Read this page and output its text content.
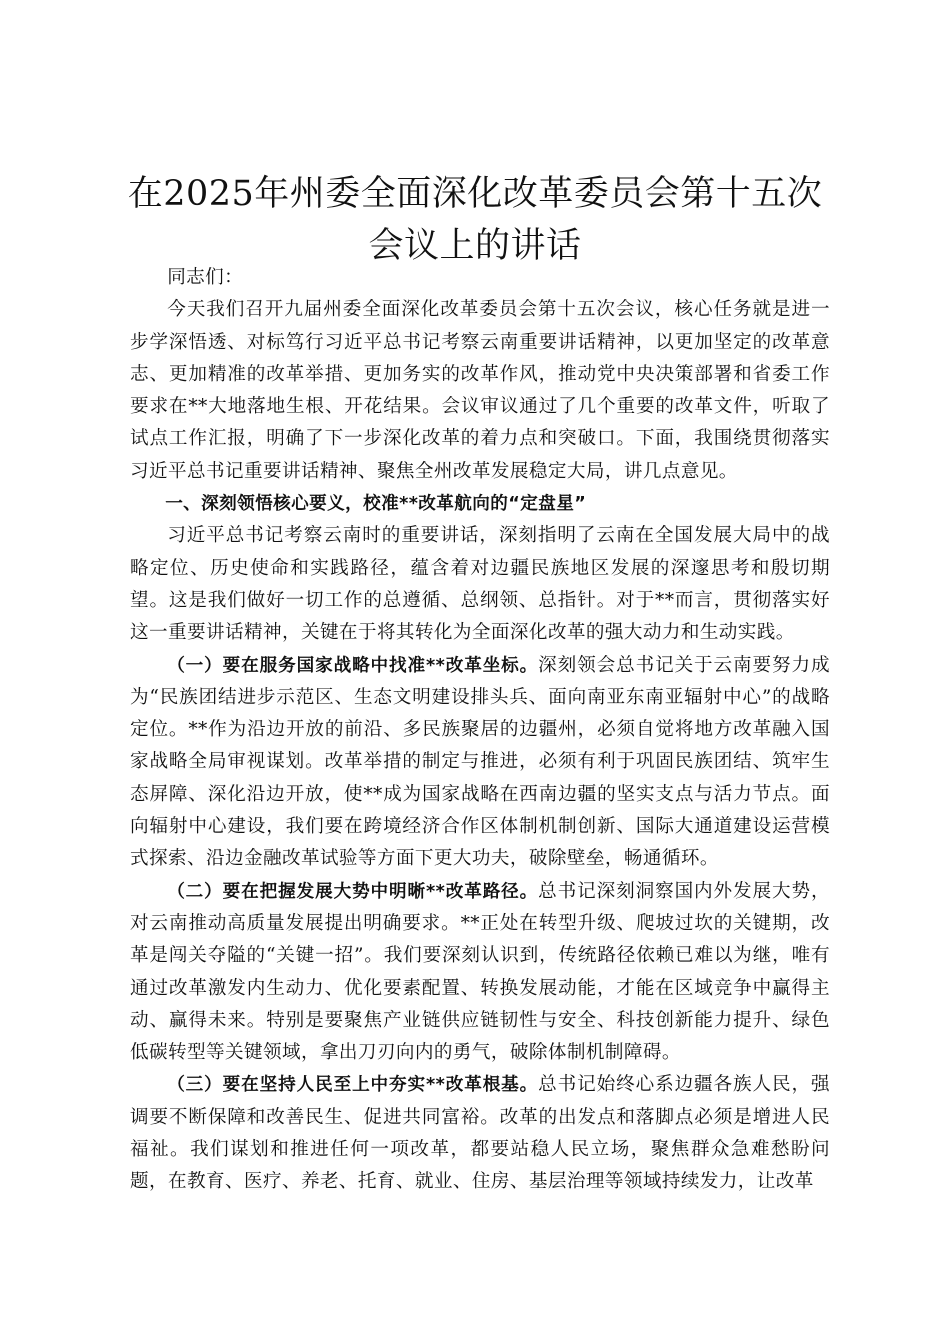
在2025年州委全面深化改革委员会第十五次
会议上的讲话

同志们：

今天我们召开九届州委全面深化改革委员会第十五次会议，核心任务就是进一步学深悟透、对标笃行习近平总书记考察云南重要讲话精神，以更加坚定的改革意志、更加精准的改革举措、更加务实的改革作风，推动党中央决策部署和省委工作要求在**大地落地生根、开花结果。会议审议通过了几个重要的改革文件，听取了试点工作汇报，明确了下一步深化改革的着力点和突破口。下面，我围绕贯彻落实习近平总书记重要讲话精神、聚焦全州改革发展稳定大局，讲几点意见。

一、深刻领悟核心要义，校准**改革航向的“定盘星”

习近平总书记考察云南时的重要讲话，深刻指明了云南在全国发展大局中的战略定位、历史使命和实践路径，蕴含着对边疆民族地区发展的深邃思考和殷切期望。这是我们做好一切工作的总遵循、总纲领、总指针。对于**而言，贯彻落实好这一重要讲话精神，关键在于将其转化为全面深化改革的强大动力和生动实践。

（一）要在服务国家战略中找准**改革坐标。深刻领会总书记关于云南要努力成为“民族团结进步示范区、生态文明建设排头兵、面向南亚东南亚辐射中心”的战略定位。**作为沿边开放的前沿、多民族聚居的边疆州，必须自觉将地方改革融入国家战略全局审视谋划。改革举措的制定与推进，必须有利于巩固民族团结、筑牢生态屏障、深化沿边开放，使**成为国家战略在西南边疆的坚实支点与活力节点。面向辐射中心建设，我们要在跨境经济合作区体制机制创新、国际大通道建设运营模式探索、沿边金融改革试验等方面下更大功夫，破除壁垒，畅通循环。

（二）要在把握发展大势中明晰**改革路径。总书记深刻洞察国内外发展大势，对云南推动高质量发展提出明确要求。**正处在转型升级、爬坡过坎的关键期，改革是闯关夺隘的“关键一招”。我们要深刻认识到，传统路径依赖已难以为继，唯有通过改革激发内生动力、优化要素配置、转换发展动能，才能在区域竞争中赢得主动、赢得未来。特别是要聚焦产业链供应链韧性与安全、科技创新能力提升、绿色低碳转型等关键领域，拿出刀刃向内的勇气，破除体制机制障碍。

（三）要在坚持人民至上中夯实**改革根基。总书记始终心系边疆各族人民，强调要不断保障和改善民生、促进共同富裕。改革的出发点和落脚点必须是增进人民福祉。我们谋划和推进任何一项改革，都要站稳人民立场，聚焦群众急难愁盼问题，在教育、医疗、养老、托育、就业、住房、基层治理等领域持续发力，让改革
